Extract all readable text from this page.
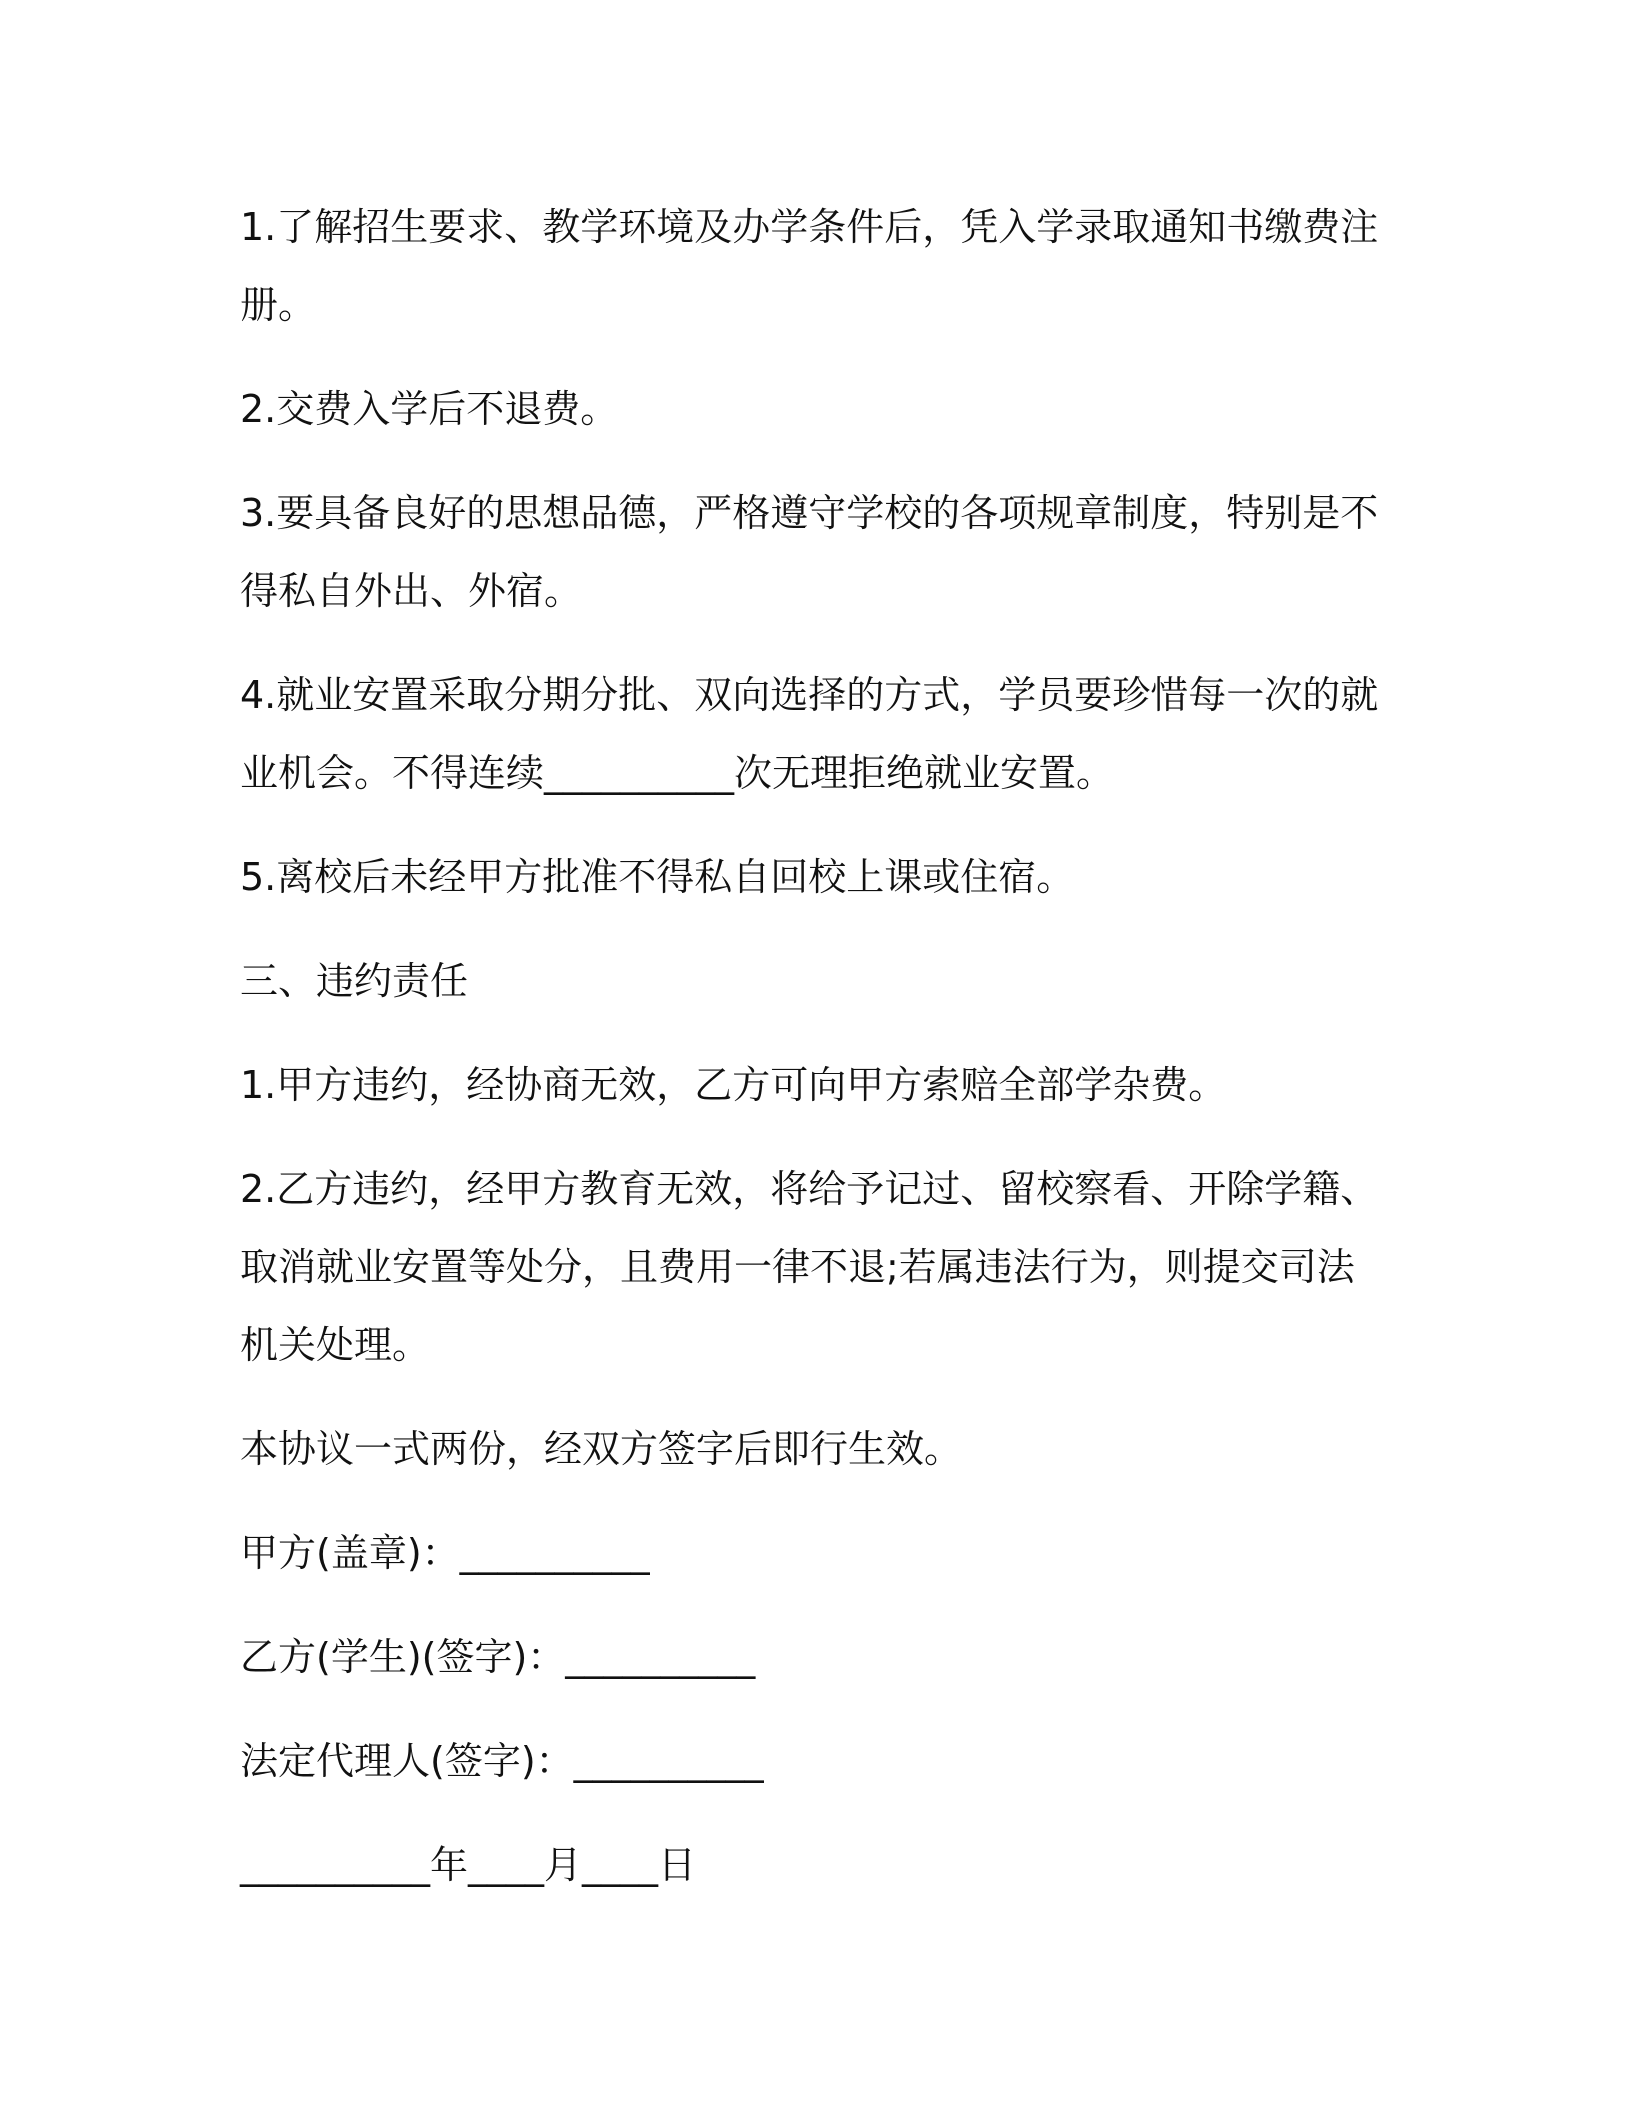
1.了解招生要求、教学环境及办学条件后，凭入学录取通知书缴费注册。

2.交费入学后不退费。

3.要具备良好的思想品德，严格遵守学校的各项规章制度，特别是不得私自外出、外宿。

4.就业安置采取分期分批、双向选择的方式，学员要珍惜每一次的就业机会。不得连续__________次无理拒绝就业安置。

5.离校后未经甲方批准不得私自回校上课或住宿。

三、违约责任

1.甲方违约，经协商无效，乙方可向甲方索赔全部学杂费。

2.乙方违约，经甲方教育无效，将给予记过、留校察看、开除学籍、取消就业安置等处分，且费用一律不退;若属违法行为，则提交司法机关处理。

本协议一式两份，经双方签字后即行生效。

甲方(盖章)：__________

乙方(学生)(签字)：__________

法定代理人(签字)：__________

__________年____月____日
